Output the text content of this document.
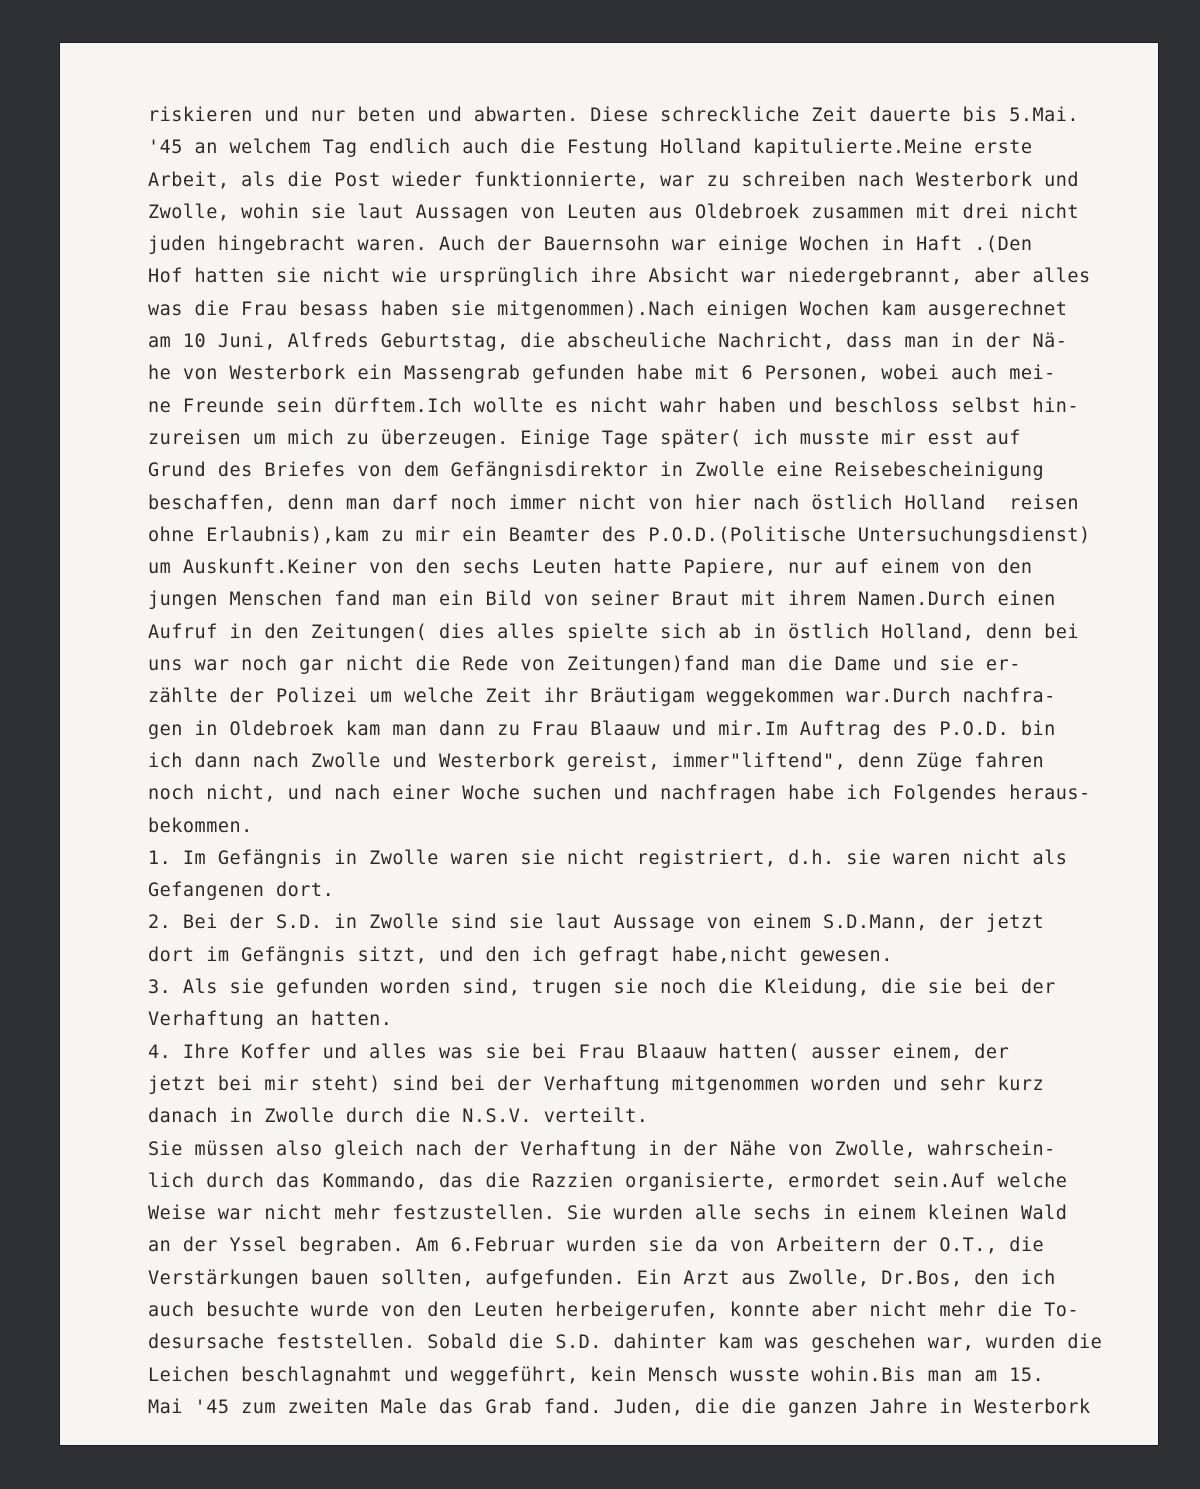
riskieren und nur beten und abwarten. Diese schreckliche Zeit dauerte bis 5.Mai.
'45 an welchem Tag endlich auch die Festung Holland kapitulierte.Meine erste
Arbeit, als die Post wieder funktionnierte, war zu schreiben nach Westerbork und
Zwolle, wohin sie laut Aussagen von Leuten aus Oldebroek zusammen mit drei nicht
juden hingebracht waren. Auch der Bauernsohn war einige Wochen in Haft .(Den
Hof hatten sie nicht wie ursprünglich ihre Absicht war niedergebrannt, aber alles
was die Frau besass haben sie mitgenommen).Nach einigen Wochen kam ausgerechnet
am 10 Juni, Alfreds Geburtstag, die abscheuliche Nachricht, dass man in der Nä-
he von Westerbork ein Massengrab gefunden habe mit 6 Personen, wobei auch mei-
ne Freunde sein dürftem.Ich wollte es nicht wahr haben und beschloss selbst hin-
zureisen um mich zu überzeugen. Einige Tage später( ich musste mir esst auf
Grund des Briefes von dem Gefängnisdirektor in Zwolle eine Reisebescheinigung
beschaffen, denn man darf noch immer nicht von hier nach östlich Holland  reisen
ohne Erlaubnis),kam zu mir ein Beamter des P.O.D.(Politische Untersuchungsdienst)
um Auskunft.Keiner von den sechs Leuten hatte Papiere, nur auf einem von den
jungen Menschen fand man ein Bild von seiner Braut mit ihrem Namen.Durch einen
Aufruf in den Zeitungen( dies alles spielte sich ab in östlich Holland, denn bei
uns war noch gar nicht die Rede von Zeitungen)fand man die Dame und sie er-
zählte der Polizei um welche Zeit ihr Bräutigam weggekommen war.Durch nachfra-
gen in Oldebroek kam man dann zu Frau Blaauw und mir.Im Auftrag des P.O.D. bin
ich dann nach Zwolle und Westerbork gereist, immer"liftend", denn Züge fahren
noch nicht, und nach einer Woche suchen und nachfragen habe ich Folgendes heraus-
bekommen.
1. Im Gefängnis in Zwolle waren sie nicht registriert, d.h. sie waren nicht als
Gefangenen dort.
2. Bei der S.D. in Zwolle sind sie laut Aussage von einem S.D.Mann, der jetzt
dort im Gefängnis sitzt, und den ich gefragt habe,nicht gewesen.
3. Als sie gefunden worden sind, trugen sie noch die Kleidung, die sie bei der
Verhaftung an hatten.
4. Ihre Koffer und alles was sie bei Frau Blaauw hatten( ausser einem, der
jetzt bei mir steht) sind bei der Verhaftung mitgenommen worden und sehr kurz
danach in Zwolle durch die N.S.V. verteilt.
Sie müssen also gleich nach der Verhaftung in der Nähe von Zwolle, wahrschein-
lich durch das Kommando, das die Razzien organisierte, ermordet sein.Auf welche
Weise war nicht mehr festzustellen. Sie wurden alle sechs in einem kleinen Wald
an der Yssel begraben. Am 6.Februar wurden sie da von Arbeitern der O.T., die
Verstärkungen bauen sollten, aufgefunden. Ein Arzt aus Zwolle, Dr.Bos, den ich
auch besuchte wurde von den Leuten herbeigerufen, konnte aber nicht mehr die To-
desursache feststellen. Sobald die S.D. dahinter kam was geschehen war, wurden die
Leichen beschlagnahmt und weggeführt, kein Mensch wusste wohin.Bis man am 15.
Mai '45 zum zweiten Male das Grab fand. Juden, die die ganzen Jahre in Westerbork
